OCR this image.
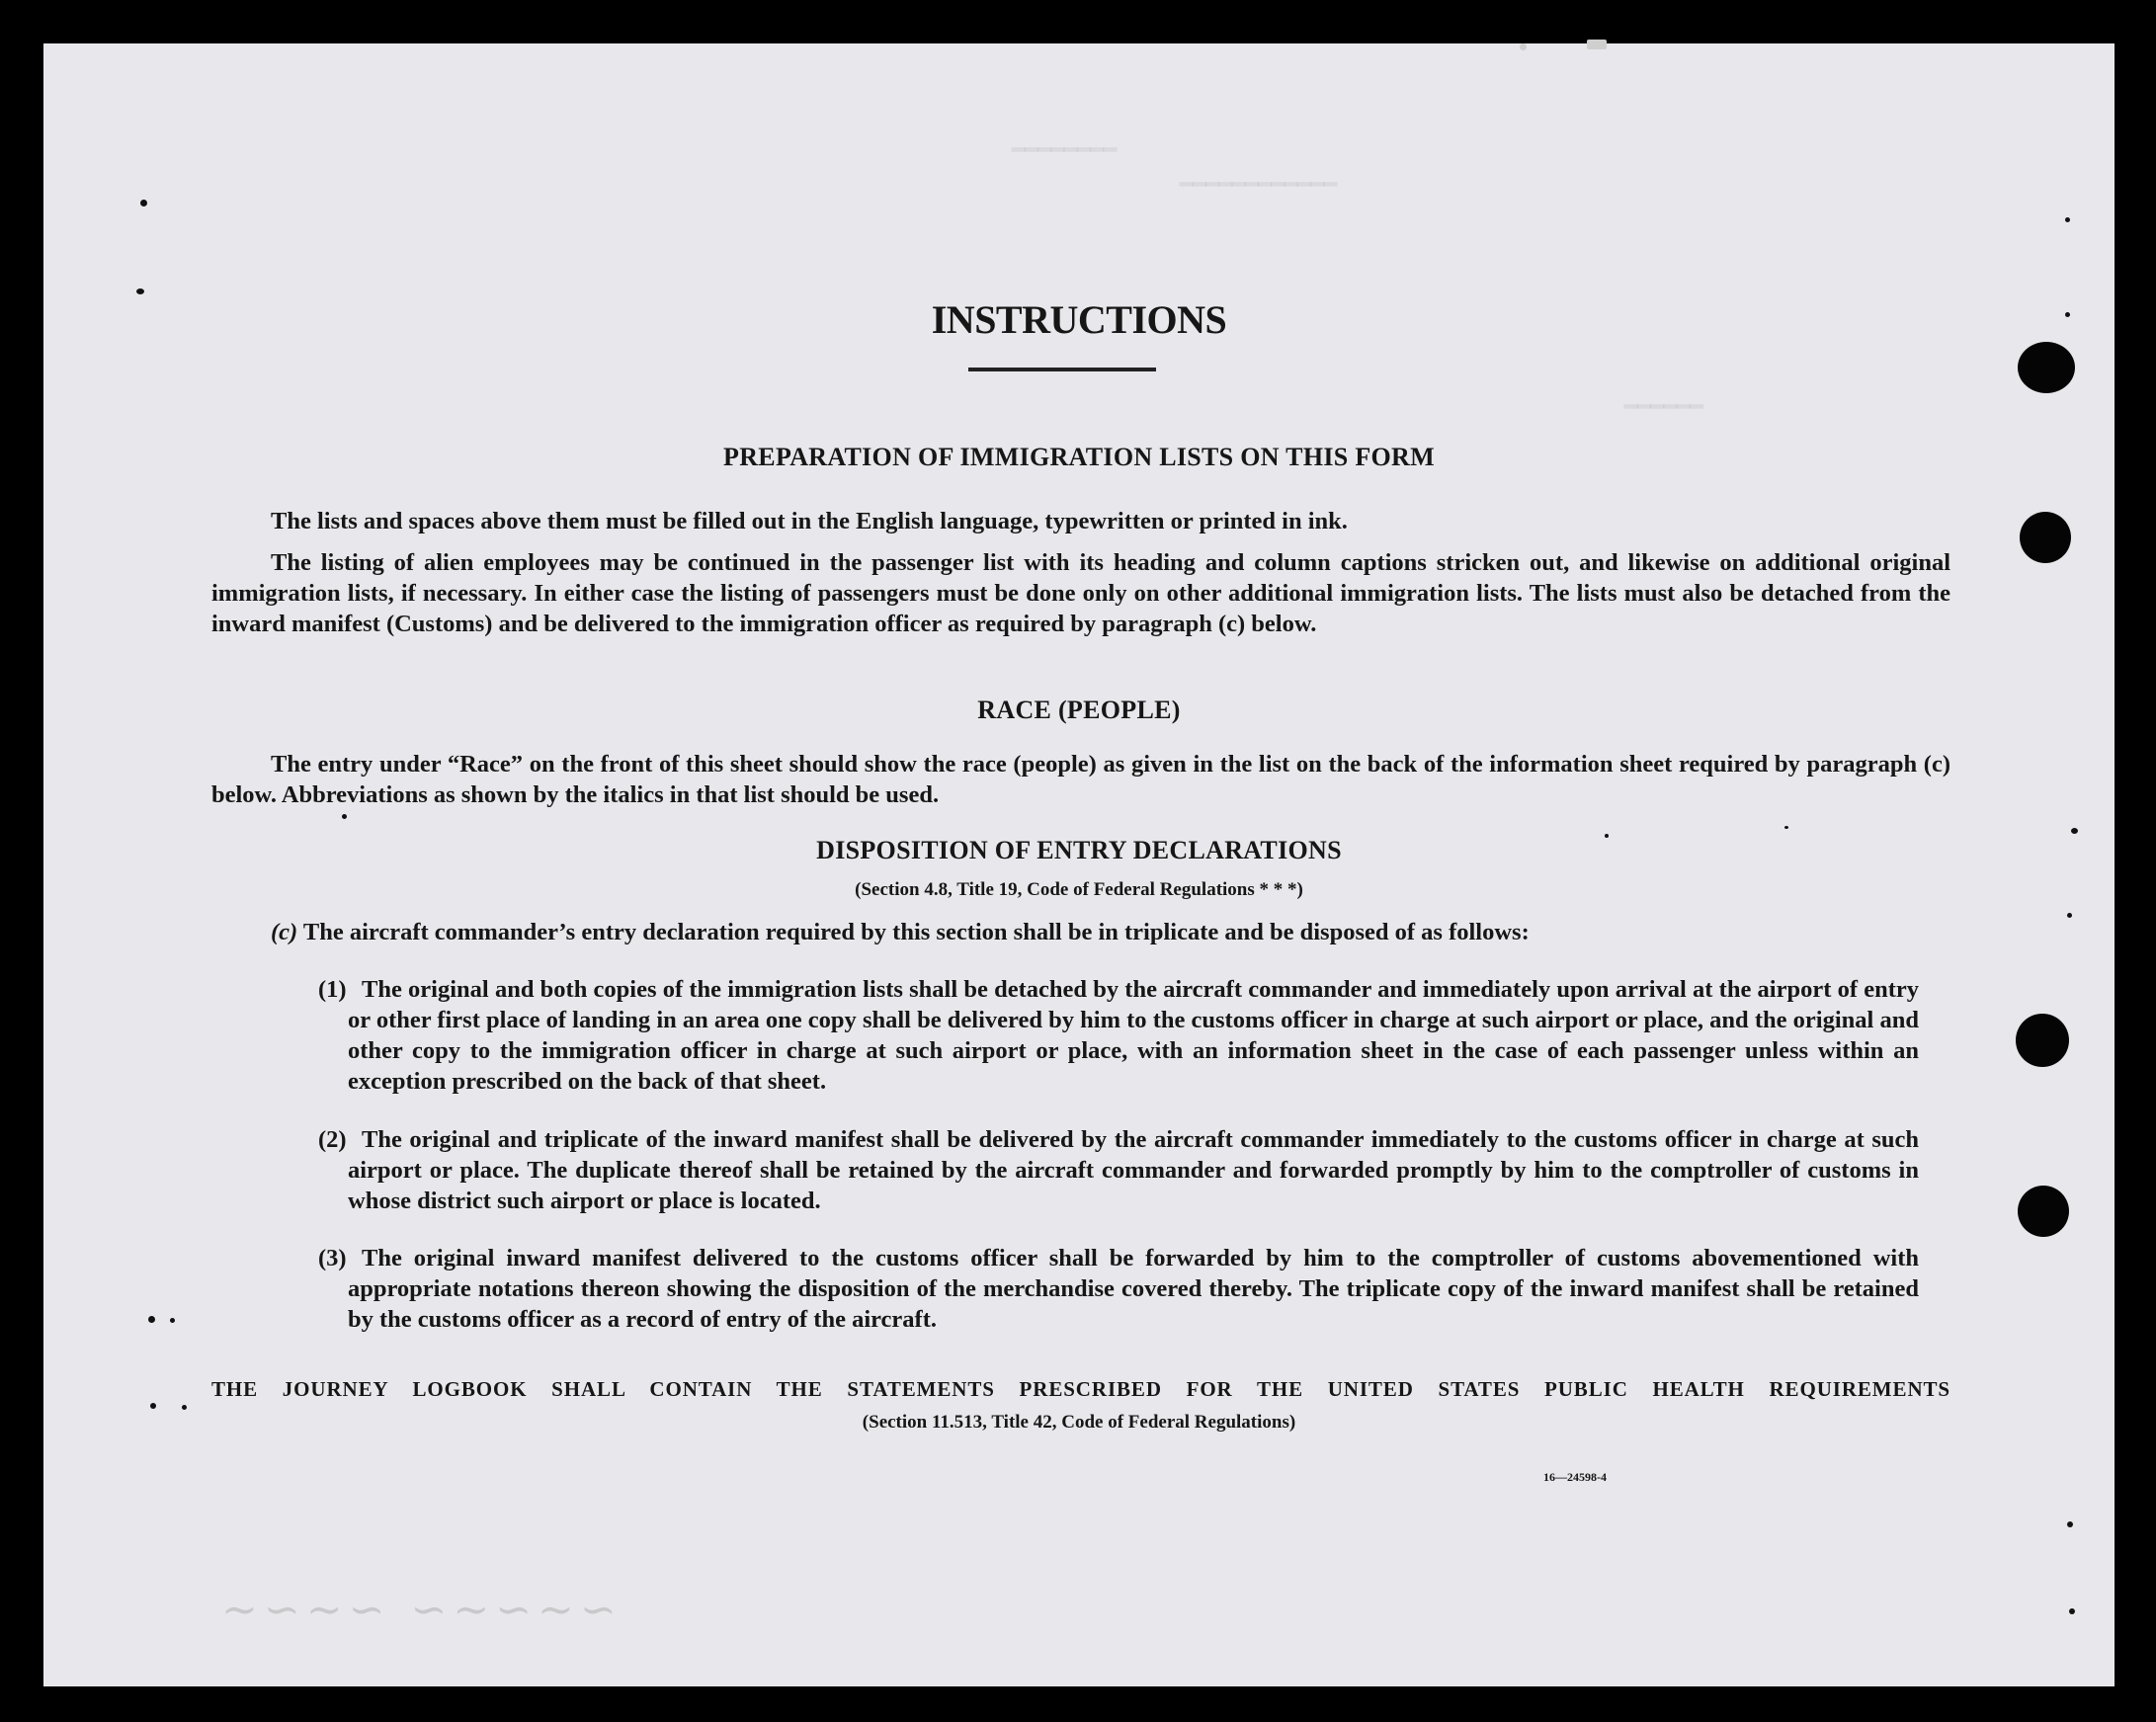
━━━━━━━━
━━━━━━━━━━━━
━━━━━━
INSTRUCTIONS
PREPARATION OF IMMIGRATION LISTS ON THIS FORM
The lists and spaces above them must be filled out in the English language, typewritten or printed in ink.
The listing of alien employees may be continued in the passenger list with its heading and column captions stricken out, and likewise on additional original immigration lists, if necessary. In either case the listing of passengers must be done only on other additional immigration lists. The lists must also be detached from the inward manifest (Customs) and be delivered to the immigration officer as required by paragraph (c) below.
RACE (PEOPLE)
The entry under “Race” on the front of this sheet should show the race (people) as given in the list on the back of the information sheet required by paragraph (c) below. Abbreviations as shown by the italics in that list should be used.
DISPOSITION OF ENTRY DECLARATIONS
(Section 4.8, Title 19, Code of Federal Regulations * * *)
(c) The aircraft commander’s entry declaration required by this section shall be in triplicate and be disposed of as follows:
(1) The original and both copies of the immigration lists shall be detached by the aircraft commander and immediately upon arrival at the airport of entry or other first place of landing in an area one copy shall be delivered by him to the customs officer in charge at such airport or place, and the original and other copy to the immigration officer in charge at such airport or place, with an information sheet in the case of each passenger unless within an exception prescribed on the back of that sheet.
(2) The original and triplicate of the inward manifest shall be delivered by the aircraft commander immediately to the customs officer in charge at such airport or place. The duplicate thereof shall be retained by the aircraft commander and forwarded promptly by him to the comptroller of customs in whose district such airport or place is located.
(3) The original inward manifest delivered to the customs officer shall be forwarded by him to the comptroller of customs abovementioned with appropriate notations thereon showing the disposition of the merchandise covered thereby. The triplicate copy of the inward manifest shall be retained by the customs officer as a record of entry of the aircraft.
THE JOURNEY LOGBOOK SHALL CONTAIN THE STATEMENTS PRESCRIBED FOR THE UNITED STATES PUBLIC HEALTH REQUIREMENTS
(Section 11.513, Title 42, Code of Federal Regulations)
16—24598-4
∼∽∼∽ ∽∼∽∼∽
